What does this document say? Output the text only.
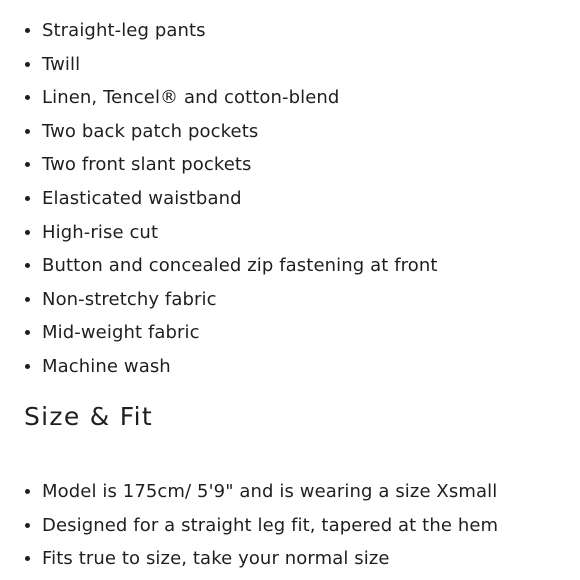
Straight-leg pants
Twill
Linen, Tencel® and cotton-blend
Two back patch pockets
Two front slant pockets
Elasticated waistband
High-rise cut
Button and concealed zip fastening at front
Non-stretchy fabric
Mid-weight fabric
Machine wash
Size & Fit
Model is 175cm/ 5'9" and is wearing a size Xsmall
Designed for a straight leg fit, tapered at the hem
Fits true to size, take your normal size
